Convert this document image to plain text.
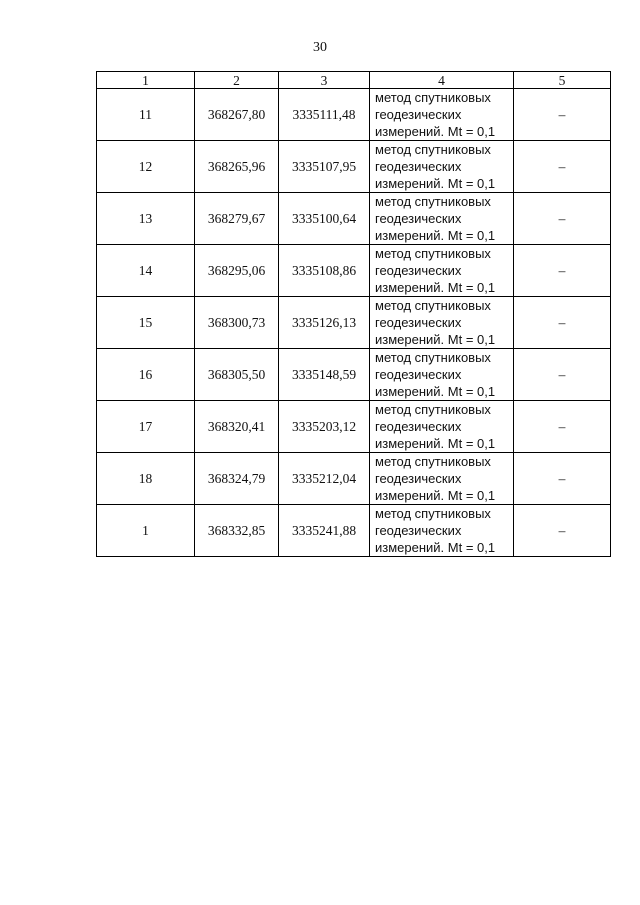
30
1	2	3	4	5
11	368267,80	3335111,48	метод спутниковых
геодезических
измерений. Mt = 0,1	–
12	368265,96	3335107,95	метод спутниковых
геодезических
измерений. Mt = 0,1	–
13	368279,67	3335100,64	метод спутниковых
геодезических
измерений. Mt = 0,1	–
14	368295,06	3335108,86	метод спутниковых
геодезических
измерений. Mt = 0,1	–
15	368300,73	3335126,13	метод спутниковых
геодезических
измерений. Mt = 0,1	–
16	368305,50	3335148,59	метод спутниковых
геодезических
измерений. Mt = 0,1	–
17	368320,41	3335203,12	метод спутниковых
геодезических
измерений. Mt = 0,1	–
18	368324,79	3335212,04	метод спутниковых
геодезических
измерений. Mt = 0,1	–
1	368332,85	3335241,88	метод спутниковых
геодезических
измерений. Mt = 0,1	–
